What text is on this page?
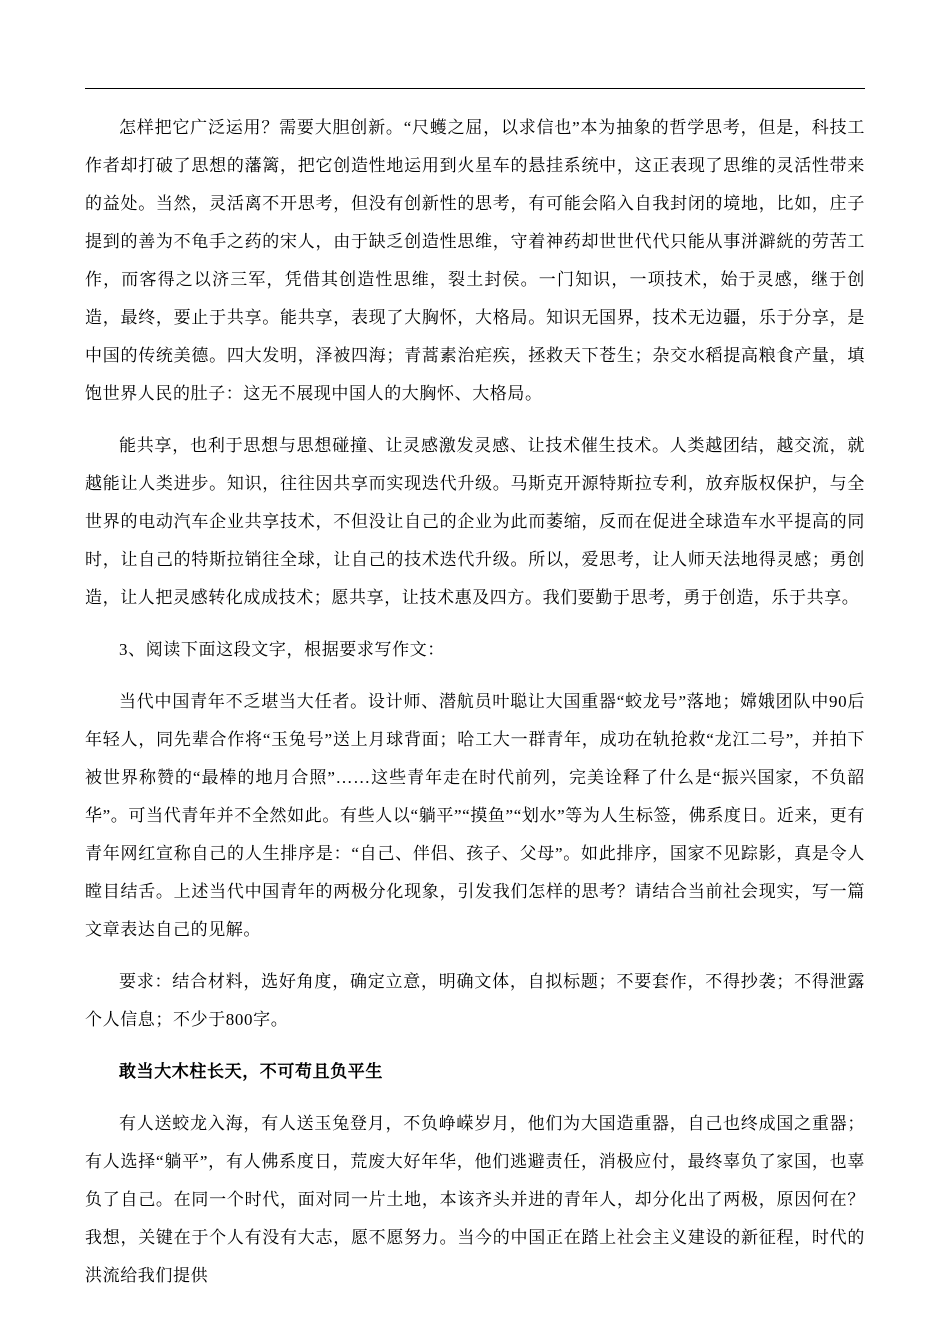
怎样把它广泛运用？需要大胆创新。“尺蠖之屈，以求信也”本为抽象的哲学思考，但是，科技工作者却打破了思想的藩篱，把它创造性地运用到火星车的悬挂系统中，这正表现了思维的灵活性带来的益处。当然，灵活离不开思考，但没有创新性的思考，有可能会陷入自我封闭的境地，比如，庄子提到的善为不龟手之药的宋人，由于缺乏创造性思维，守着神药却世世代代只能从事洴澼絖的劳苦工作，而客得之以济三军，凭借其创造性思维，裂土封侯。一门知识，一项技术，始于灵感，继于创造，最终，要止于共享。能共享，表现了大胸怀，大格局。知识无国界，技术无边疆，乐于分享，是中国的传统美德。四大发明，泽被四海；青蒿素治疟疾，拯救天下苍生；杂交水稻提高粮食产量，填饱世界人民的肚子：这无不展现中国人的大胸怀、大格局。

能共享，也利于思想与思想碰撞、让灵感激发灵感、让技术催生技术。人类越团结，越交流，就越能让人类进步。知识，往往因共享而实现迭代升级。马斯克开源特斯拉专利，放弃版权保护，与全世界的电动汽车企业共享技术，不但没让自己的企业为此而萎缩，反而在促进全球造车水平提高的同时，让自己的特斯拉销往全球，让自己的技术迭代升级。所以，爱思考，让人师天法地得灵感；勇创造，让人把灵感转化成成技术；愿共享，让技术惠及四方。我们要勤于思考，勇于创造，乐于共享。

3、阅读下面这段文字，根据要求写作文：

当代中国青年不乏堪当大任者。设计师、潜航员叶聪让大国重器“蛟龙号”落地；嫦娥团队中90后年轻人，同先辈合作将“玉兔号”送上月球背面；哈工大一群青年，成功在轨抢救“龙江二号”，并拍下被世界称赞的“最棒的地月合照”……这些青年走在时代前列，完美诠释了什么是“振兴国家，不负韶华”。可当代青年并不全然如此。有些人以“躺平”“摸鱼”“划水”等为人生标签，佛系度日。近来，更有青年网红宣称自己的人生排序是：“自己、伴侣、孩子、父母”。如此排序，国家不见踪影，真是令人瞠目结舌。上述当代中国青年的两极分化现象，引发我们怎样的思考？请结合当前社会现实，写一篇文章表达自己的见解。

要求：结合材料，选好角度，确定立意，明确文体，自拟标题；不要套作，不得抄袭；不得泄露个人信息；不少于800字。

敢当大木柱长天，不可苟且负平生

有人送蛟龙入海，有人送玉兔登月，不负峥嵘岁月，他们为大国造重器，自己也终成国之重器；有人选择“躺平”，有人佛系度日，荒废大好年华，他们逃避责任，消极应付，最终辜负了家国，也辜负了自己。在同一个时代，面对同一片土地，本该齐头并进的青年人，却分化出了两极，原因何在？我想，关键在于个人有没有大志，愿不愿努力。当今的中国正在踏上社会主义建设的新征程，时代的洪流给我们提供
